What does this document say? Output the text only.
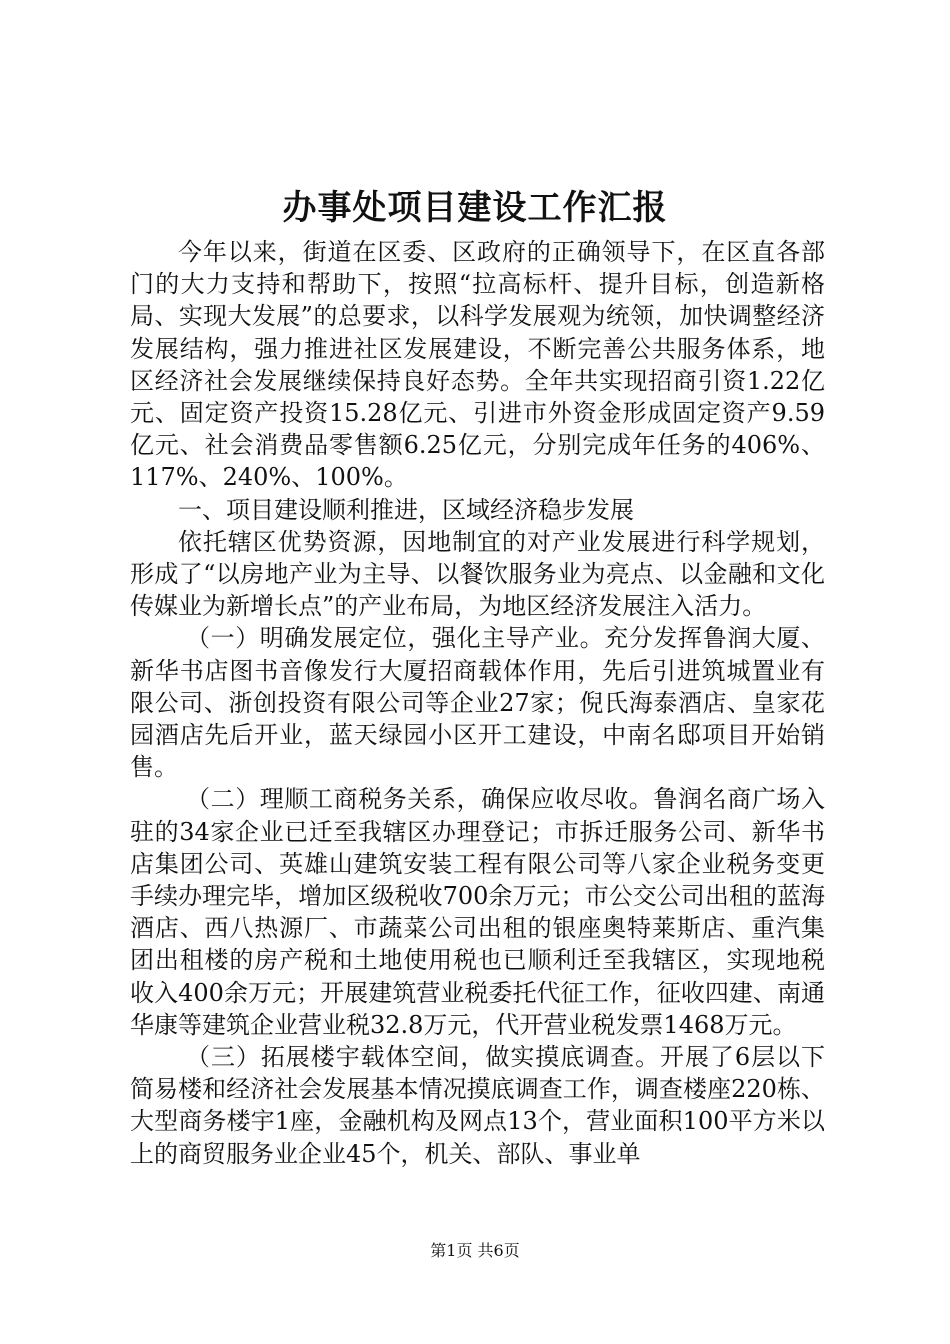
办事处项目建设工作汇报

今年以来，街道在区委、区政府的正确领导下，在区直各部门的大力支持和帮助下，按照“拉高标杆、提升目标，创造新格局、实现大发展”的总要求，以科学发展观为统领，加快调整经济发展结构，强力推进社区发展建设，不断完善公共服务体系，地区经济社会发展继续保持良好态势。全年共实现招商引资1.22亿元、固定资产投资15.28亿元、引进市外资金形成固定资产9.59亿元、社会消费品零售额6.25亿元，分别完成年任务的406%、117%、240%、100%。

一、项目建设顺利推进，区域经济稳步发展

依托辖区优势资源，因地制宜的对产业发展进行科学规划，形成了“以房地产业为主导、以餐饮服务业为亮点、以金融和文化传媒业为新增长点”的产业布局，为地区经济发展注入活力。

（一）明确发展定位，强化主导产业。充分发挥鲁润大厦、新华书店图书音像发行大厦招商载体作用，先后引进筑城置业有限公司、浙创投资有限公司等企业27家；倪氏海泰酒店、皇家花园酒店先后开业，蓝天绿园小区开工建设，中南名邸项目开始销售。

（二）理顺工商税务关系，确保应收尽收。鲁润名商广场入驻的34家企业已迁至我辖区办理登记；市拆迁服务公司、新华书店集团公司、英雄山建筑安装工程有限公司等八家企业税务变更手续办理完毕，增加区级税收700余万元；市公交公司出租的蓝海酒店、西八热源厂、市蔬菜公司出租的银座奥特莱斯店、重汽集团出租楼的房产税和土地使用税也已顺利迁至我辖区，实现地税收入400余万元；开展建筑营业税委托代征工作，征收四建、南通华康等建筑企业营业税32.8万元，代开营业税发票1468万元。

（三）拓展楼宇载体空间，做实摸底调查。开展了6层以下简易楼和经济社会发展基本情况摸底调查工作，调查楼座220栋、大型商务楼宇1座，金融机构及网点13个，营业面积100平方米以上的商贸服务业企业45个，机关、部队、事业单

第1页 共6页
